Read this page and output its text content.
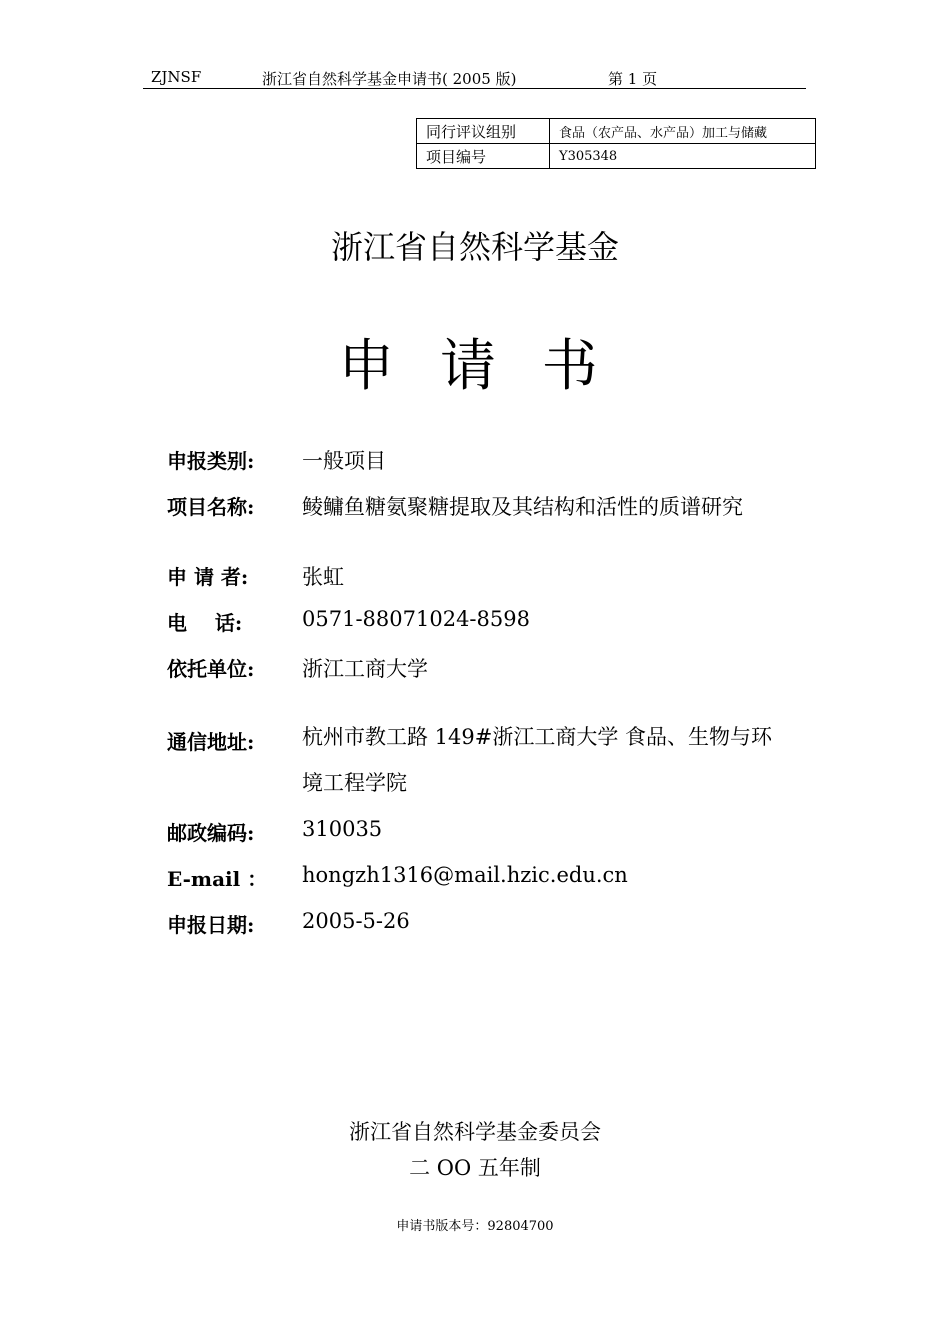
ZJNSF	浙江省自然科学基金申请书( 2005 版)	第 1 页
同行评议组别	食品（农产品、水产品）加工与储藏
项目编号	Y305348
浙江省自然科学基金
申 请 书
申报类别: 一般项目
项目名称: 鲮鳙鱼糖氨聚糖提取及其结构和活性的质谱研究
申 请 者:	张虹
电    话:	0571-88071024-8598
依托单位: 浙江工商大学
通信地址: 杭州市教工路 149#浙江工商大学 食品、生物与环境工程学院
邮政编码: 310035
E-mail ： hongzh1316@mail.hzic.edu.cn
申报日期: 2005-5-26
浙江省自然科学基金委员会
二 OO 五年制
申请书版本号：92804700
